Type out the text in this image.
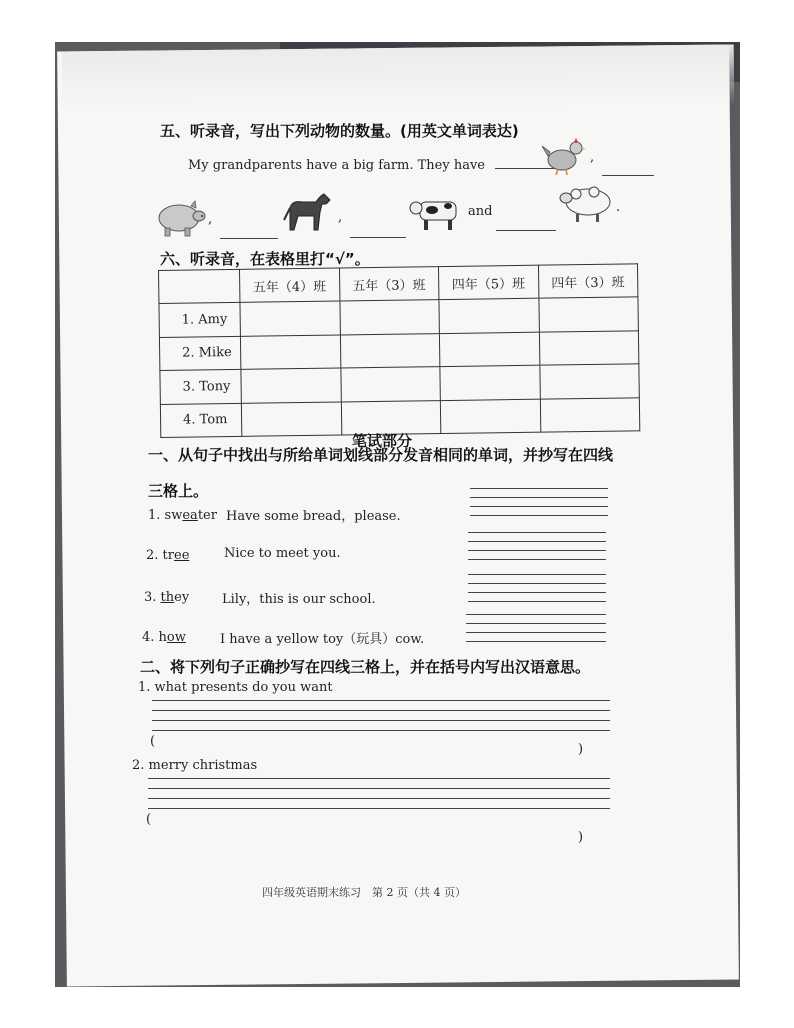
五、听录音，写出下列动物的数量。(用英文单词表达)
My grandparents have a big farm. They have
,
,	,	and	.
六、听录音，在表格里打“√”。
	五年（4）班	五年（3）班	四年（5）班	四年（3）班
1. Amy				
2. Mike				
3. Tony				
4. Tom				
笔试部分
一、从句子中找出与所给单词划线部分发音相同的单词，并抄写在四线
三格上。
1. sweater Have some bread，please.
2. tree	Nice to meet you.
3. they	Lily，this is our school.
4. how	I have a yellow toy（玩具）cow.
二、将下列句子正确抄写在四线三格上，并在括号内写出汉语意思。
1. what presents do you want
(
)
2. merry christmas
(
)
四年级英语期末练习　第 2 页（共 4 页）
